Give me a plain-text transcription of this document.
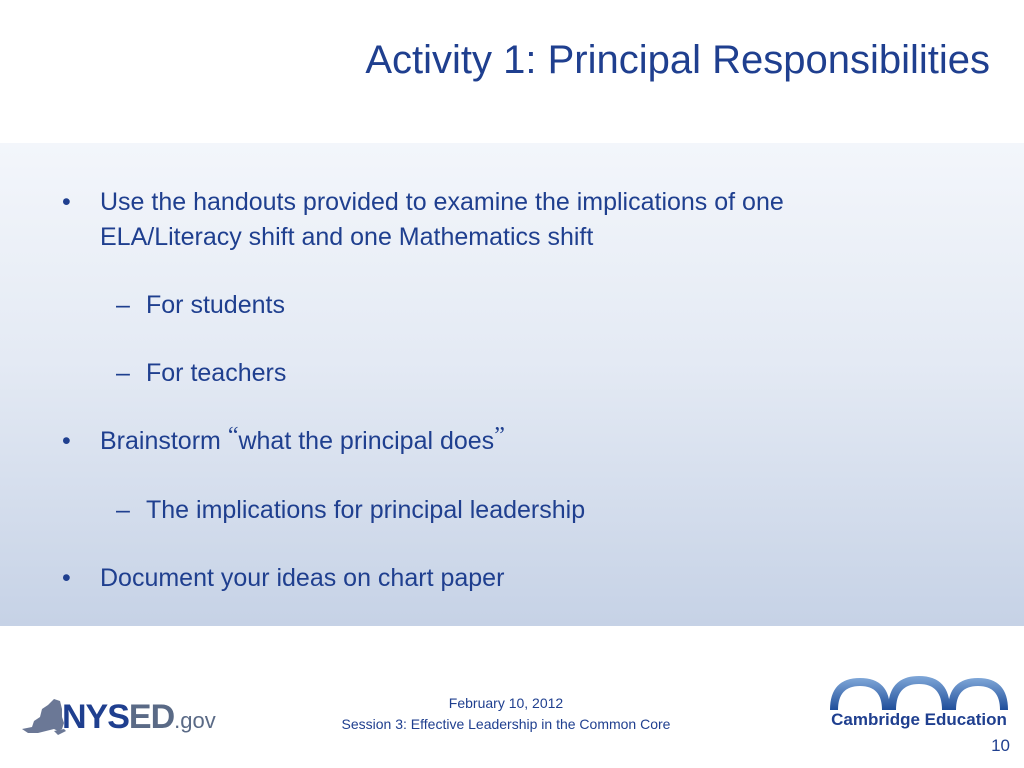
Activity 1: Principal Responsibilities
• Use the handouts provided to examine the implications of one ELA/Literacy shift and one Mathematics shift
– For students
– For teachers
• Brainstorm “what the principal does”
– The implications for principal leadership
• Document your ideas on chart paper
NYSED.gov
February 10, 2012
Session 3: Effective Leadership in the Common Core	Cambridge Education
10
